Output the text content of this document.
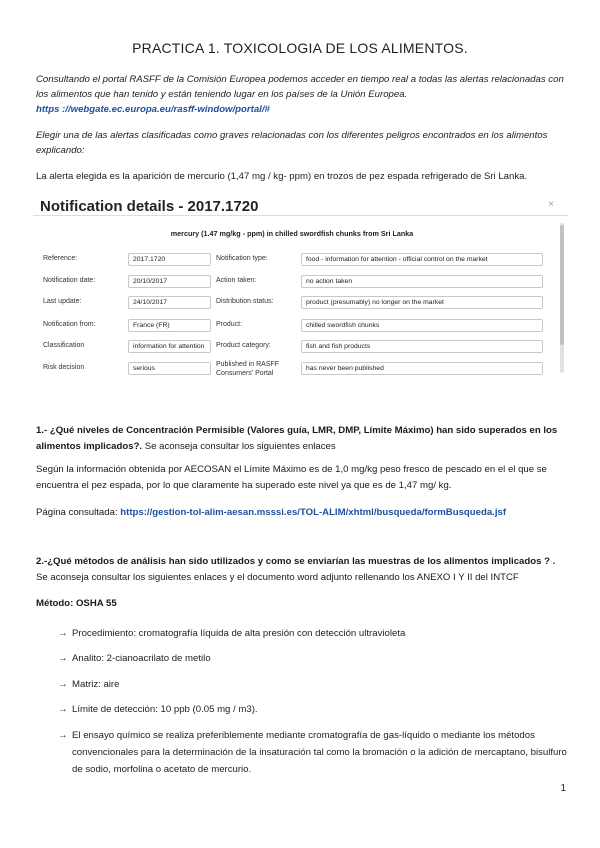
PRACTICA 1. TOXICOLOGIA DE LOS ALIMENTOS.
Consultando el portal RASFF de la Comisión Europea podemos acceder en tiempo real a todas las alertas relacionadas con los alimentos que han tenido y están teniendo lugar en los países de la Unión Europea.
https ://webgate.ec.europa.eu/rasff-window/portal/#
Elegir una de las alertas clasificadas como graves relacionadas con los diferentes peligros encontrados en los alimentos explicando:
La alerta elegida es la aparición de mercurio (1,47 mg / kg- ppm) en trozos de pez espada refrigerado de Sri Lanka.
Notification details - 2017.1720	×
mercury (1.47 mg/kg - ppm) in chilled swordfish chunks from Sri Lanka
Reference:
Notification date:
Last update:
Notification from:
Classification
Risk decision
2017.1720
20/10/2017
24/10/2017
France (FR)
information for attention
serious
Notification type:
Action taken:
Distribution status:
Product:
Product category:
Published in RASFF
Consumers' Portal
food - information for attention - official control on the market
no action taken
product (presumably) no longer on the market
chilled swordfish chunks
fish and fish products
has never been published
1.- ¿Qué niveles de Concentración Permisible (Valores guía, LMR, DMP, Límite Máximo) han sido superados en los alimentos implicados?. Se aconseja consultar los siguientes enlaces
Según la información obtenida por AECOSAN el Límite Máximo es de 1,0 mg/kg peso fresco de pescado en el el que se encuentra el pez espada, por lo que claramente ha superado este nivel ya que es de 1,47 mg/ kg.
Página consultada: https://gestion-tol-alim-aesan.msssi.es/TOL-ALIM/xhtml/busqueda/formBusqueda.jsf
2.-¿Qué métodos de análisis han sido utilizados y como se enviarían las muestras de los alimentos implicados ? .
Se aconseja consultar los siguientes enlaces y el documento word adjunto rellenando los ANEXO I Y II del INTCF
Método: OSHA 55
→ Procedimiento: cromatografía líquida de alta presión con detección ultravioleta
→ Analito: 2-cianoacrilato de metilo
→ Matriz: aire
→ Límite de detección: 10 ppb (0.05 mg / m3).
→ El ensayo químico se realiza preferiblemente mediante cromatografía de gas-líquido o mediante los métodos convencionales para la determinación de la insaturación tal como la bromación o la adición de mercaptano, bisulfuro de sodio, morfolina o acetato de mercurio.
1
